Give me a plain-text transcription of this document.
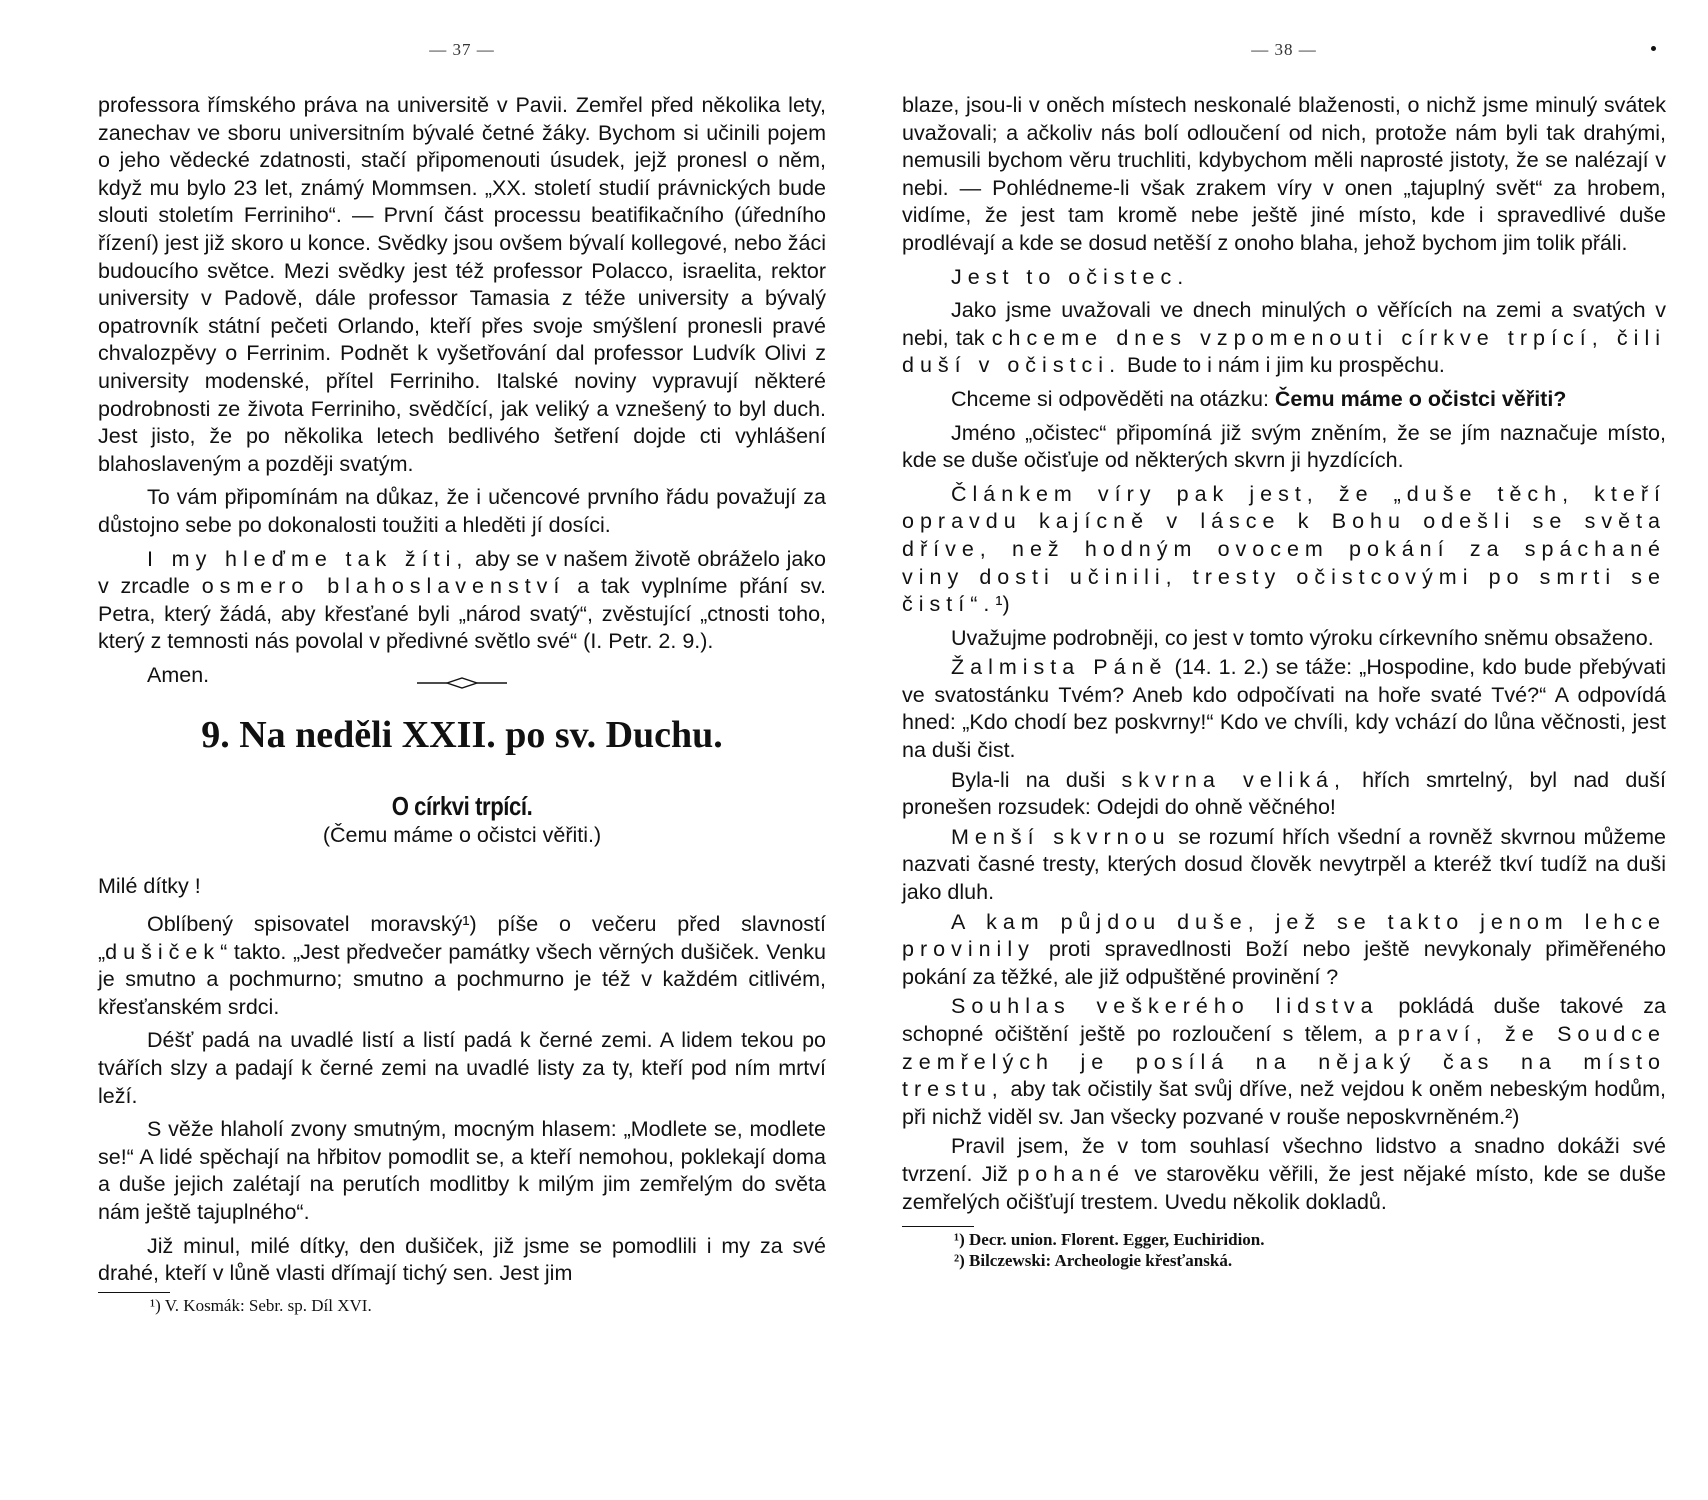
— 37 —

professora římského práva na universitě v Pavii. Zemřel před několika lety, zanechav ve sboru universitním bývalé četné žáky. Bychom si učinili pojem o jeho vědecké zdatnosti, stačí připomenouti úsudek, jejž pronesl o něm, když mu bylo 23 let, známý Mommsen. „XX. století studií právnických bude slouti stoletím Ferriniho“. — První část processu beatifikačního (úředního řízení) jest již skoro u konce. Svědky jsou ovšem bývalí kollegové, nebo žáci budoucího světce. Mezi svědky jest též professor Polacco, israelita, rektor university v Padově, dále professor Tamasia z téže university a bývalý opatrovník státní pečeti Orlando, kteří přes svoje smýšlení pronesli pravé chvalozpěvy o Ferrinim. Podnět k vyšetřování dal professor Ludvík Olivi z university modenské, přítel Ferriniho. Italské noviny vypravují některé podrobnosti ze života Ferriniho, svědčící, jak veliký a vznešený to byl duch. Jest jisto, že po několika letech bedlivého šetření dojde cti vyhlášení blahoslaveným a později svatým.

To vám připomínám na důkaz, že i učencové prvního řádu považují za důstojno sebe po dokonalosti toužiti a hleděti jí dosíci.

I my hleďme tak žíti, aby se v našem životě obráželo jako v zrcadle osmero blahoslavenství a tak vyplníme přání sv. Petra, který žádá, aby křesťané byli „národ svatý“, zvěstující „ctnosti toho, který z temnosti nás povolal v předivné světlo své“ (I. Petr. 2. 9.).

Amen.

9. Na neděli XXII. po sv. Duchu.
O církvi trpící.
(Čemu máme o očistci věřiti.)

Milé dítky !

Oblíbený spisovatel moravský¹) píše o večeru před slavností „dušiček“ takto. „Jest předvečer památky všech věrných dušiček. Venku je smutno a pochmurno; smutno a pochmurno je též v každém citlivém, křesťanském srdci.

Déšť padá na uvadlé listí a listí padá k černé zemi. A lidem tekou po tvářích slzy a padají k černé zemi na uvadlé listy za ty, kteří pod ním mrtví leží.

S věže hlaholí zvony smutným, mocným hlasem: „Modlete se, modlete se!“ A lidé spěchají na hřbitov pomodlit se, a kteří nemohou, poklekají doma a duše jejich zalétají na perutích modlitby k milým jim zemřelým do světa nám ještě tajuplného“.

Již minul, milé dítky, den dušiček, již jsme se pomodlili i my za své drahé, kteří v lůně vlasti dřímají tichý sen. Jest jim

¹) V. Kosmák: Sebr. sp. Díl XVI.
— 38 —

blaze, jsou-li v oněch místech neskonalé blaženosti, o nichž jsme minulý svátek uvažovali; a ačkoliv nás bolí odloučení od nich, protože nám byli tak drahými, nemusili bychom věru truchliti, kdybychom měli naprosté jistoty, že se nalézají v nebi. — Pohlédneme-li však zrakem víry v onen „tajuplný svět“ za hrobem, vidíme, že jest tam kromě nebe ještě jiné místo, kde i spravedlivé duše prodlévají a kde se dosud netěší z onoho blaha, jehož bychom jim tolik přáli.

Jest to očistec.

Jako jsme uvažovali ve dnech minulých o věřících na zemi a svatých v nebi, tak chceme dnes vzpomenouti církve trpící, čili duší v očistci. Bude to i nám i jim ku prospěchu.

Chceme si odpověděti na otázku: Čemu máme o očistci věřiti?

Jméno „očistec“ připomíná již svým zněním, že se jím naznačuje místo, kde se duše očisťuje od některých skvrn ji hyzdících.

Článkem víry pak jest, že „duše těch, kteří opravdu kajícně v lásce k Bohu odešli se světa dříve, než hodným ovocem pokání za spáchané viny dosti učinili, tresty očistcovými po smrti se čistí“.¹)

Uvažujme podrobněji, co jest v tomto výroku církevního sněmu obsaženo.

Žalmista Páně (14. 1. 2.) se táže: „Hospodine, kdo bude přebývati ve svatostánku Tvém? Aneb kdo odpočívati na hoře svaté Tvé?“ A odpovídá hned: „Kdo chodí bez poskvrny!“ Kdo ve chvíli, kdy vchází do lůna věčnosti, jest na duši čist.

Byla-li na duši skvrna veliká, hřích smrtelný, byl nad duší pronešen rozsudek: Odejdi do ohně věčného!

Menší skvrnou se rozumí hřích všední a rovněž skvrnou můžeme nazvati časné tresty, kterých dosud člověk nevytrpěl a kteréž tkví tudíž na duši jako dluh.

A kam půjdou duše, jež se takto jenom lehce provinily proti spravedlnosti Boží nebo ještě nevykonaly přiměřeného pokání za těžké, ale již odpuštěné provinění ?

Souhlas veškerého lidstva pokládá duše takové za schopné očištění ještě po rozloučení s tělem, a praví, že Soudce zemřelých je posílá na nějaký čas na místo trestu, aby tak očistily šat svůj dříve, než vejdou k oněm nebeským hodům, při nichž viděl sv. Jan všecky pozvané v rouše neposkvrněném.²)

Pravil jsem, že v tom souhlasí všechno lidstvo a snadno dokáži své tvrzení. Již pohané ve starověku věřili, že jest nějaké místo, kde se duše zemřelých očišťují trestem. Uvedu několik dokladů.

¹) Decr. union. Florent. Egger, Euchiridion.
²) Bilczewski: Archeologie křesťanská.
